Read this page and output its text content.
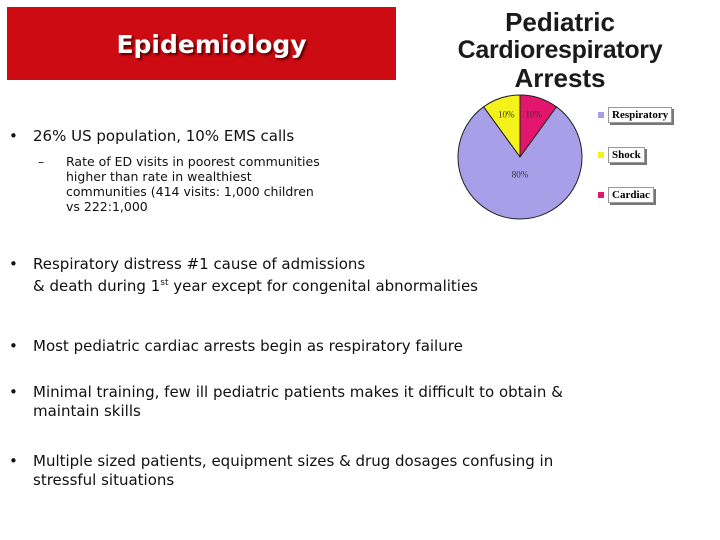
Epidemiology
Pediatric
Cardiorespiratory
Arrests
10% 10%
80%
Respiratory
Shock
Cardiac
• 26% US population, 10% EMS calls
– Rate of ED visits in poorest communities
higher than rate in wealthiest
communities (414 visits: 1,000 children
vs 222:1,000
• Respiratory distress #1 cause of admissions
& death during 1st year except for congenital abnormalities
• Most pediatric cardiac arrests begin as respiratory failure
• Minimal training, few ill pediatric patients makes it difficult to obtain &
maintain skills
• Multiple sized patients, equipment sizes & drug dosages confusing in
stressful situations
